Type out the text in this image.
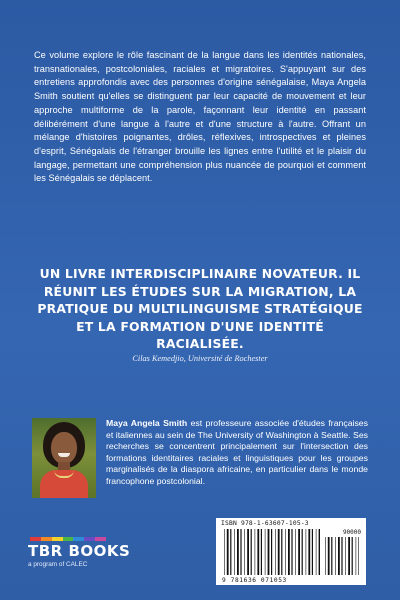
Ce volume explore le rôle fascinant de la langue dans les identités nationales, transnationales, postcoloniales, raciales et migratoires. S'appuyant sur des entretiens approfondis avec des personnes d'origine sénégalaise, Maya Angela Smith soutient qu'elles se distinguent par leur capacité de mouvement et leur approche multiforme de la parole, façonnant leur identité en passant délibérément d'une langue à l'autre et d'une structure à l'autre. Offrant un mélange d'histoires poignantes, drôles, réflexives, introspectives et pleines d'esprit, Sénégalais de l'étranger brouille les lignes entre l'utilité et le plaisir du langage, permettant une compréhension plus nuancée de pourquoi et comment les Sénégalais se déplacent.

UN LIVRE INTERDISCIPLINAIRE NOVATEUR. IL RÉUNIT LES ÉTUDES SUR LA MIGRATION, LA PRATIQUE DU MULTILINGUISME STRATÉGIQUE ET LA FORMATION D'UNE IDENTITÉ RACIALISÉE.

Cilas Kemedjio, Université de Rochester

Maya Angela Smith est professeure associée d'études françaises et italiennes au sein de The University of Washington à Seattle. Ses recherches se concentrent principalement sur l'intersection des formations identitaires raciales et linguistiques pour les groupes marginalisés de la diaspora africaine, en particulier dans le monde francophone postcolonial.

TBR BOOKS
a program of CALEC
ISBN 978-1-63607-105-3
90000
9 781636 071053
